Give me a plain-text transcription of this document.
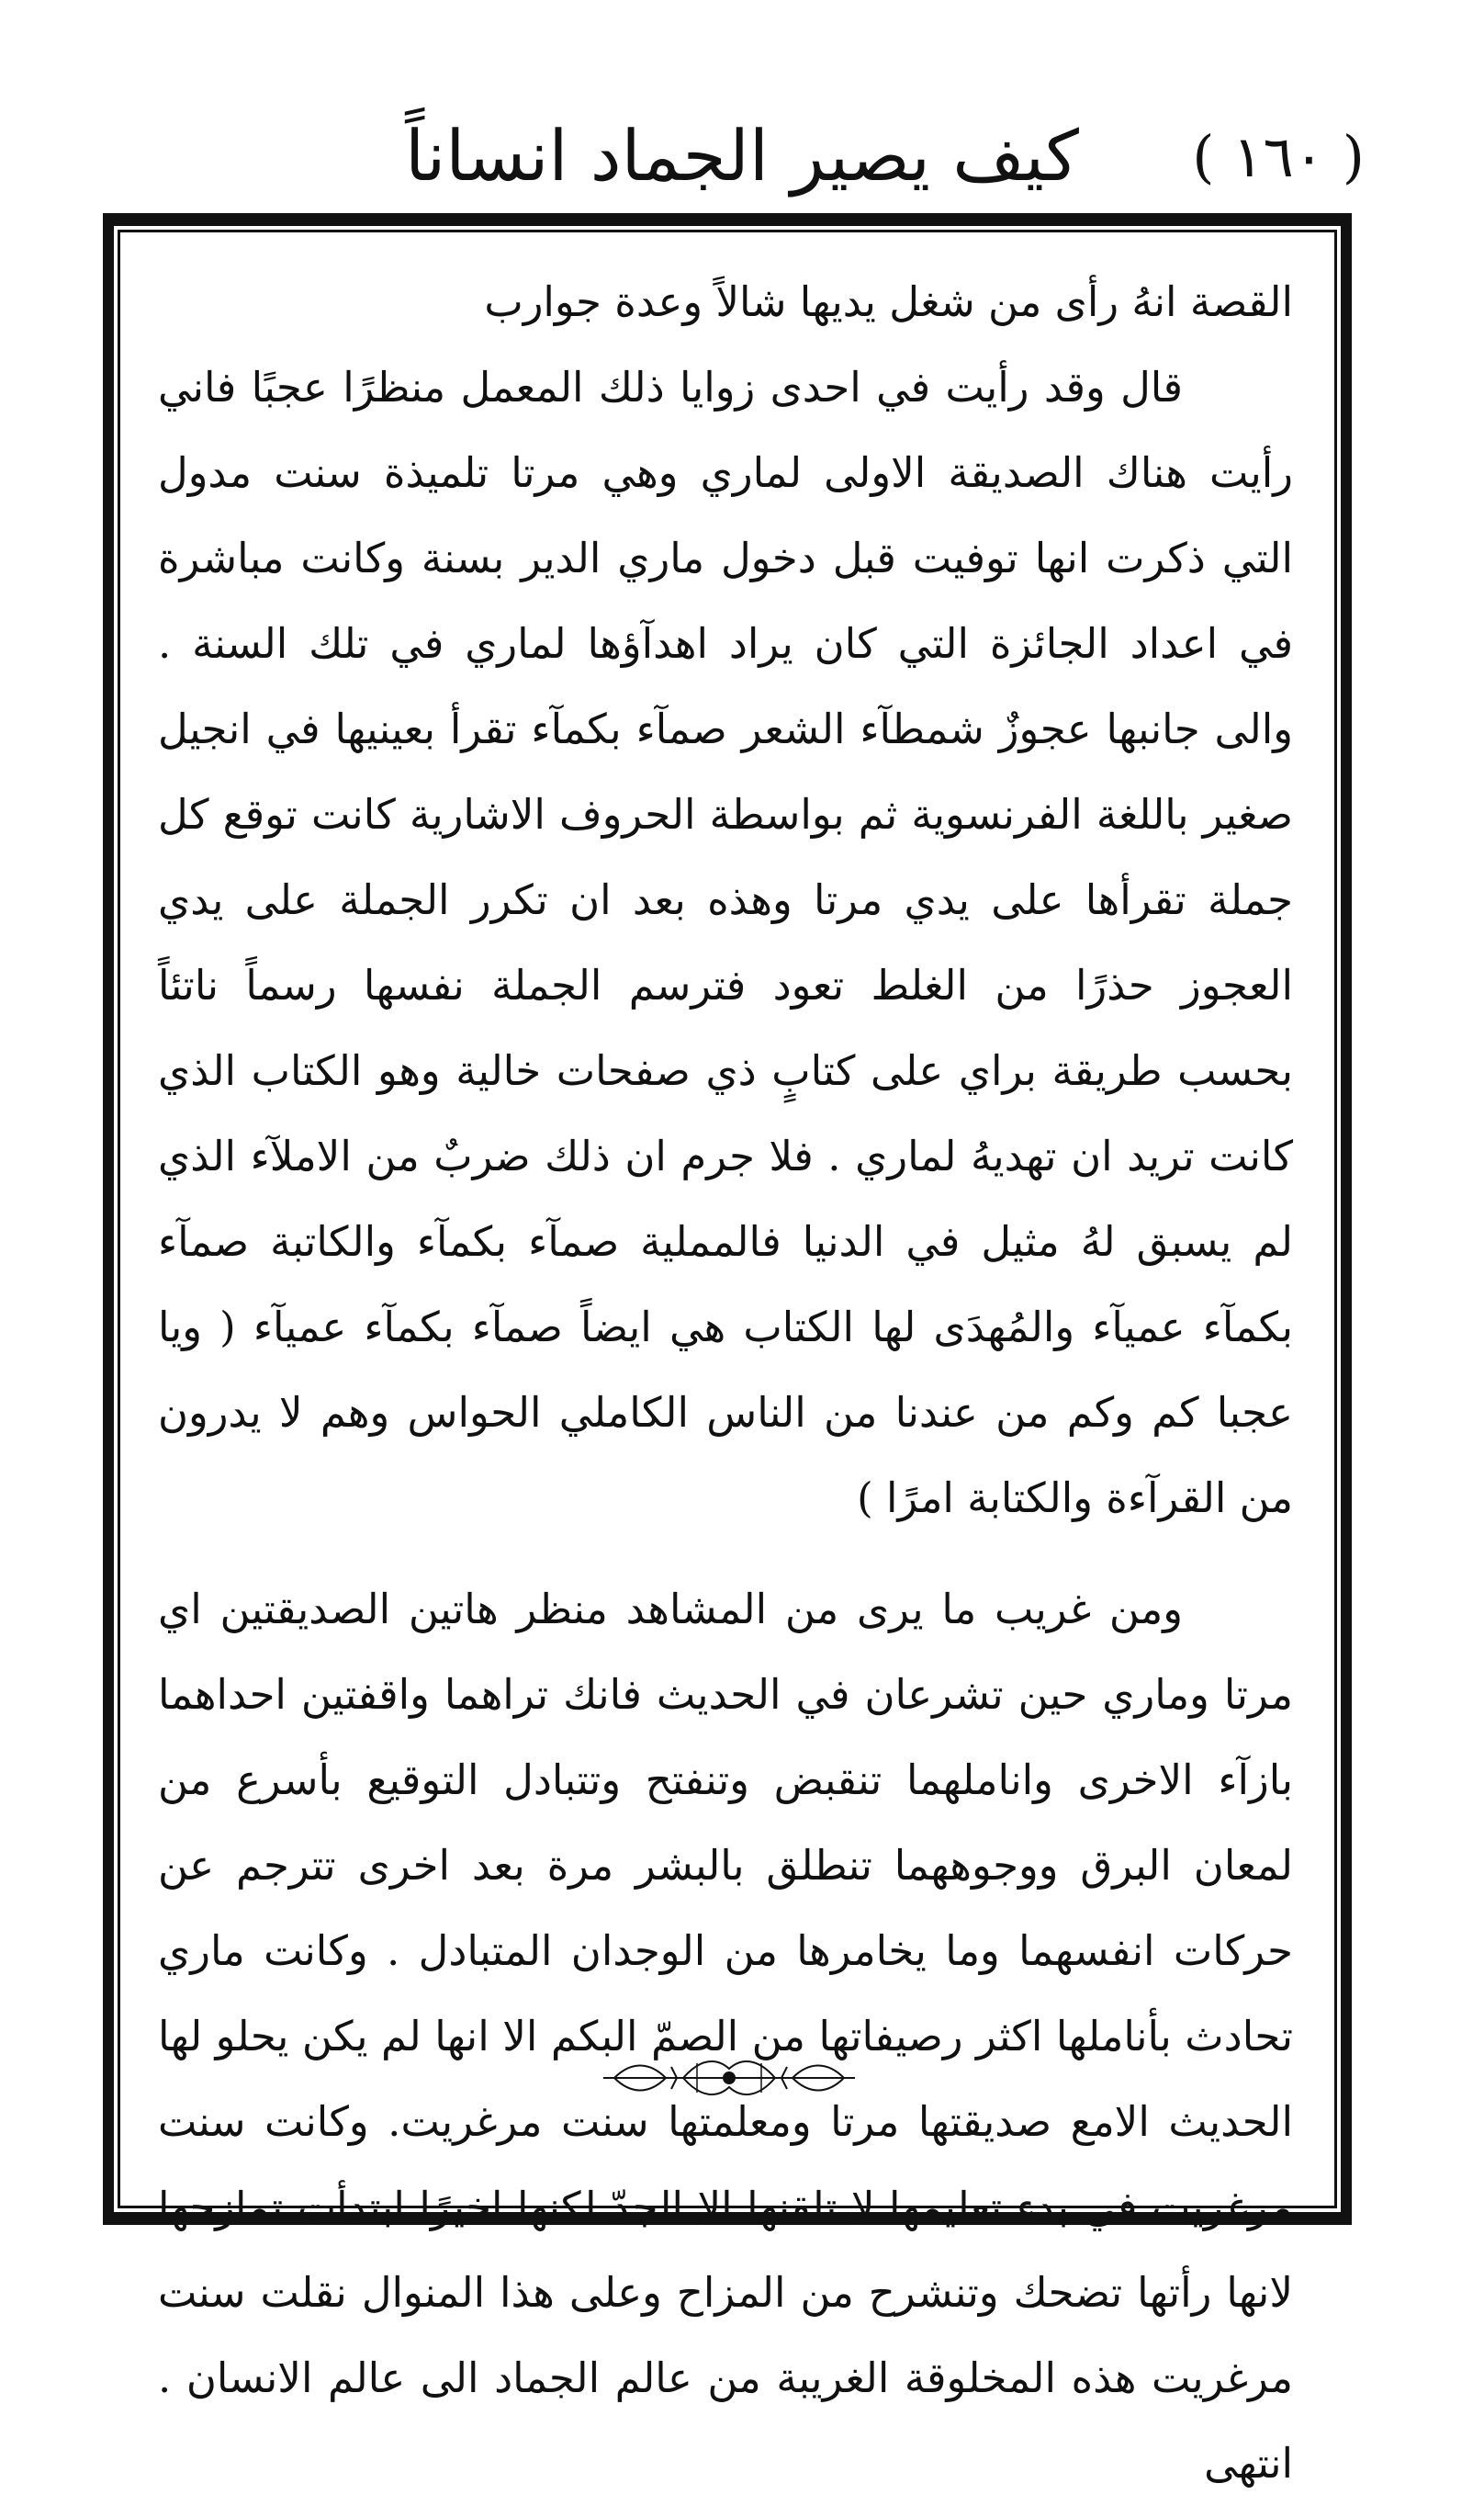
( ١٦٠ )
كيف يصير الجماد انساناً

القصة انهُ رأى من شغل يديها شالاً وعدة جوارب

قال وقد رأيت في احدى زوايا ذلك المعمل منظرًا عجبًا فاني رأيت هناك الصديقة الاولى لماري وهي مرتا تلميذة سنت مدول التي ذكرت انها توفيت قبل دخول ماري الدير بسنة وكانت مباشرة في اعداد الجائزة التي كان يراد اهدآؤها لماري في تلك السنة . والى جانبها عجوزٌ شمطآء الشعر صمآء بكمآء تقرأ بعينيها في انجيل صغير باللغة الفرنسوية ثم بواسطة الحروف الاشارية كانت توقع كل جملة تقرأها على يدي مرتا وهذه بعد ان تكرر الجملة على يدي العجوز حذرًا من الغلط تعود فترسم الجملة نفسها رسماً ناتئاً بحسب طريقة براي على كتابٍ ذي صفحات خالية وهو الكتاب الذي كانت تريد ان تهديهُ لماري . فلا جرم ان ذلك ضربٌ من الاملآء الذي لم يسبق لهُ مثيل في الدنيا فالمملية صمآء بكمآء والكاتبة صمآء بكمآء عميآء والمُهدَى لها الكتاب هي ايضاً صمآء بكمآء عميآء ( ويا عجبا كم وكم من عندنا من الناس الكاملي الحواس وهم لا يدرون من القرآءة والكتابة امرًا )

ومن غريب ما يرى من المشاهد منظر هاتين الصديقتين اي مرتا وماري حين تشرعان في الحديث فانك تراهما واقفتين احداهما بازآء الاخرى واناملهما تنقبض وتنفتح وتتبادل التوقيع بأسرع من لمعان البرق ووجوههما تنطلق بالبشر مرة بعد اخرى تترجم عن حركات انفسهما وما يخامرها من الوجدان المتبادل . وكانت ماري تحادث بأناملها اكثر رصيفاتها من الصمّ البكم الا انها لم يكن يحلو لها الحديث الامع صديقتها مرتا ومعلمتها سنت مرغريت. وكانت سنت مرغريت في بدء تعليمها لا تلقنها الا الجدّ لكنها اخيرًا ابتدأت تمازحها لانها رأتها تضحك وتنشرح من المزاح وعلى هذا المنوال نقلت سنت مرغريت هذه المخلوقة الغريبة من عالم الجماد الى عالم الانسان . انتهى
